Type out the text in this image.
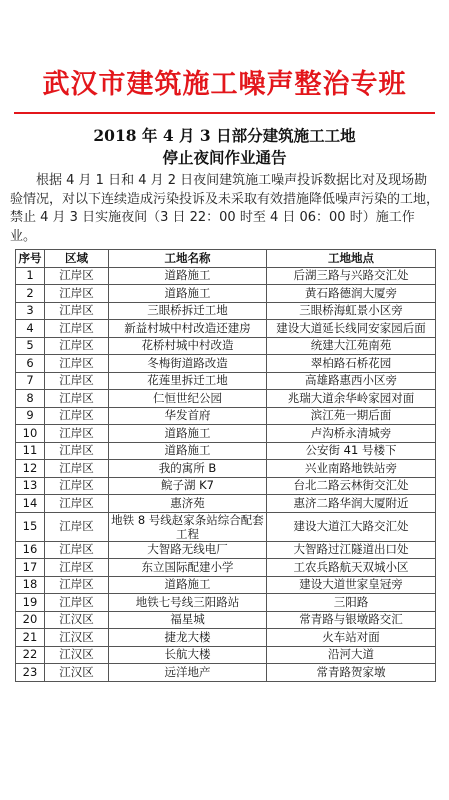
武汉市建筑施工噪声整治专班
2018 年 4 月 3 日部分建筑施工工地
停止夜间作业通告
根据 4 月 1 日和 4 月 2 日夜间建筑施工噪声投诉数据比对及现场勘验情况，对以下连续造成污染投诉及未采取有效措施降低噪声污染的工地，禁止 4 月 3 日实施夜间（3 日 22：00 时至 4 日 06：00 时）施工作业。
序号	区域	工地名称	工地地点
1	江岸区	道路施工	后湖三路与兴路交汇处
2	江岸区	道路施工	黄石路德润大厦旁
3	江岸区	三眼桥拆迁工地	三眼桥海虹景小区旁
4	江岸区	新益村城中村改造还建房	建设大道延长线同安家园后面
5	江岸区	花桥村城中村改造	统建大江苑南苑
6	江岸区	冬梅街道路改造	翠柏路石桥花园
7	江岸区	花莲里拆迁工地	高雄路惠西小区旁
8	江岸区	仁恒世纪公园	兆瑞大道余华岭家园对面
9	江岸区	华发首府	滨江苑一期后面
10	江岸区	道路施工	卢沟桥永清城旁
11	江岸区	道路施工	公安街 41 号楼下
12	江岸区	我的寓所 B	兴业南路地铁站旁
13	江岸区	鲩子湖 K7	台北二路云林街交汇处
14	江岸区	惠济苑	惠济二路华润大厦附近
15	江岸区	地铁 8 号线赵家条站综合配套工程	建设大道江大路交汇处
16	江岸区	大智路无线电厂	大智路过江隧道出口处
17	江岸区	东立国际配建小学	工农兵路航天双城小区
18	江岸区	道路施工	建设大道世家皇冠旁
19	江岸区	地铁七号线三阳路站	三阳路
20	江汉区	福星城	常青路与银墩路交汇
21	江汉区	捷龙大楼	火车站对面
22	江汉区	长航大楼	沿河大道
23	江汉区	远洋地产	常青路贺家墩
